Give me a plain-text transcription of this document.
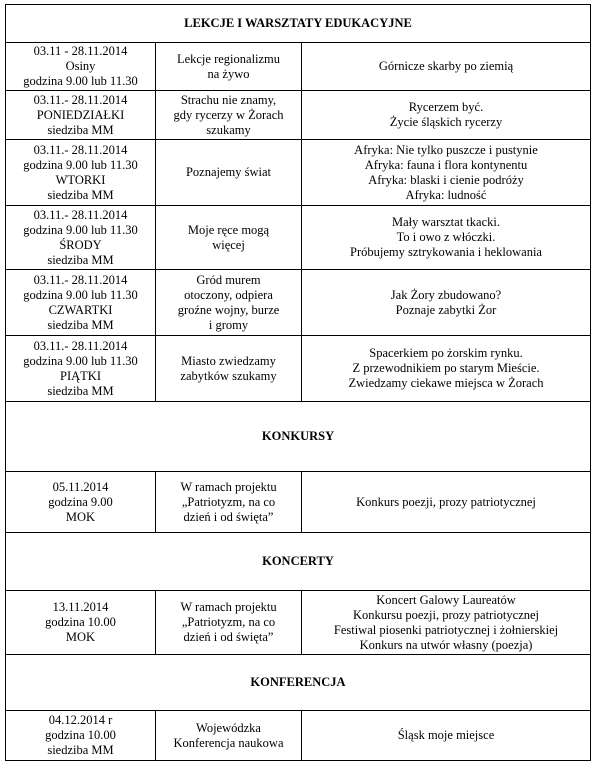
LEKCJE I WARSZTATY EDUKACYJNE		

03.11 - 28.11.2014
Osiny
godzina 9.00 lub 11.30	Lekcje regionalizmu
na żywo	Górnicze skarby po ziemią

03.11.- 28.11.2014
PONIEDZIAŁKI
siedziba MM	Strachu nie znamy,
gdy rycerzy w Żorach
szukamy	Rycerzem być.
Życie śląskich rycerzy

03.11.- 28.11.2014
godzina 9.00 lub 11.30
WTORKI
siedziba MM	Poznajemy świat	Afryka: Nie tylko puszcze i pustynie
Afryka: fauna i flora kontynentu
Afryka: blaski i cienie podróży
Afryka: ludność

03.11.- 28.11.2014
godzina 9.00 lub 11.30
ŚRODY
siedziba MM	Moje ręce mogą
więcej	Mały warsztat tkacki.
To i owo z włóczki.
Próbujemy sztrykowania i heklowania

03.11.- 28.11.2014
godzina 9.00 lub 11.30
CZWARTKI
siedziba MM	Gród murem
otoczony, odpiera
groźne wojny, burze
i gromy	Jak Żory zbudowano?
Poznaje zabytki Żor

03.11.- 28.11.2014
godzina 9.00 lub 11.30
PIĄTKI
siedziba MM	Miasto zwiedzamy
zabytków szukamy	Spacerkiem po żorskim rynku.
Z przewodnikiem po starym Mieście.
Zwiedzamy ciekawe miejsca w Żorach

KONKURSY		

05.11.2014
godzina 9.00
MOK	W ramach projektu
„Patriotyzm, na co
dzień i od święta”	Konkurs poezji, prozy patriotycznej

KONCERTY		

13.11.2014
godzina 10.00
MOK	W ramach projektu
„Patriotyzm, na co
dzień i od święta”	Koncert Galowy Laureatów
Konkursu poezji, prozy patriotycznej
Festiwal piosenki patriotycznej i żołnierskiej
Konkurs na utwór własny (poezja)

KONFERENCJA		

04.12.2014 r
godzina 10.00
siedziba MM	Wojewódzka
Konferencja naukowa	Śląsk moje miejsce
